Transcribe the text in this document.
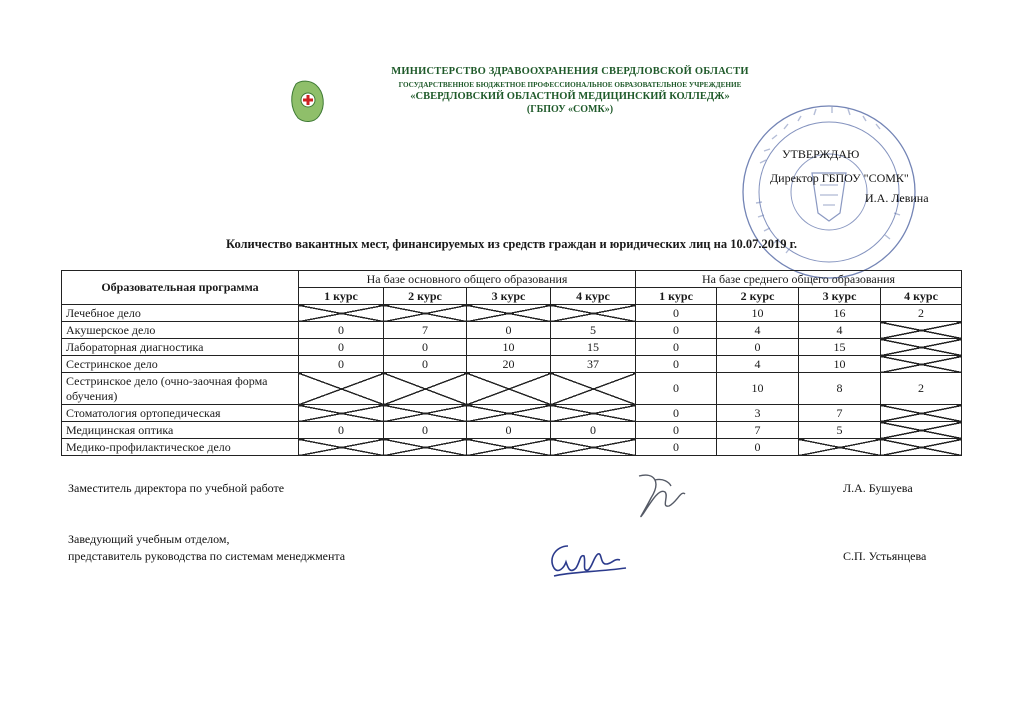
МИНИСТЕРСТВО ЗДРАВООХРАНЕНИЯ СВЕРДЛОВСКОЙ ОБЛАСТИ
ГОСУДАРСТВЕННОЕ БЮДЖЕТНОЕ ПРОФЕССИОНАЛЬНОЕ ОБРАЗОВАТЕЛЬНОЕ УЧРЕЖДЕНИЕ
«СВЕРДЛОВСКИЙ ОБЛАСТНОЙ МЕДИЦИНСКИЙ КОЛЛЕДЖ»
(ГБПОУ «СОМК»)
УТВЕРЖДАЮ
Директор ГБПОУ "СОМК"
И.А. Левина
Количество вакантных мест, финансируемых из средств граждан и юридических лиц на 10.07.2019 г.
Образовательная программа	На базе основного общего образования				На базе среднего общего образования			
	1 курс	2 курс	3 курс	4 курс	1 курс	2 курс	3 курс	4 курс
Лечебное дело					0	10	16	2
Акушерское дело	0	7	0	5	0	4	4	
Лабораторная диагностика	0	0	10	15	0	0	15	
Сестринское дело	0	0	20	37	0	4	10	
Сестринское дело (очно-заочная форма обучения)					0	10	8	2
Стоматология ортопедическая					0	3	7	
Медицинская оптика	0	0	0	0	0	7	5	
Медико-профилактическое дело					0	0		
Заместитель директора по учебной работе	Л.А. Бушуева
Заведующий учебным отделом,
представитель руководства по системам менеджмента	С.П. Устьянцева
